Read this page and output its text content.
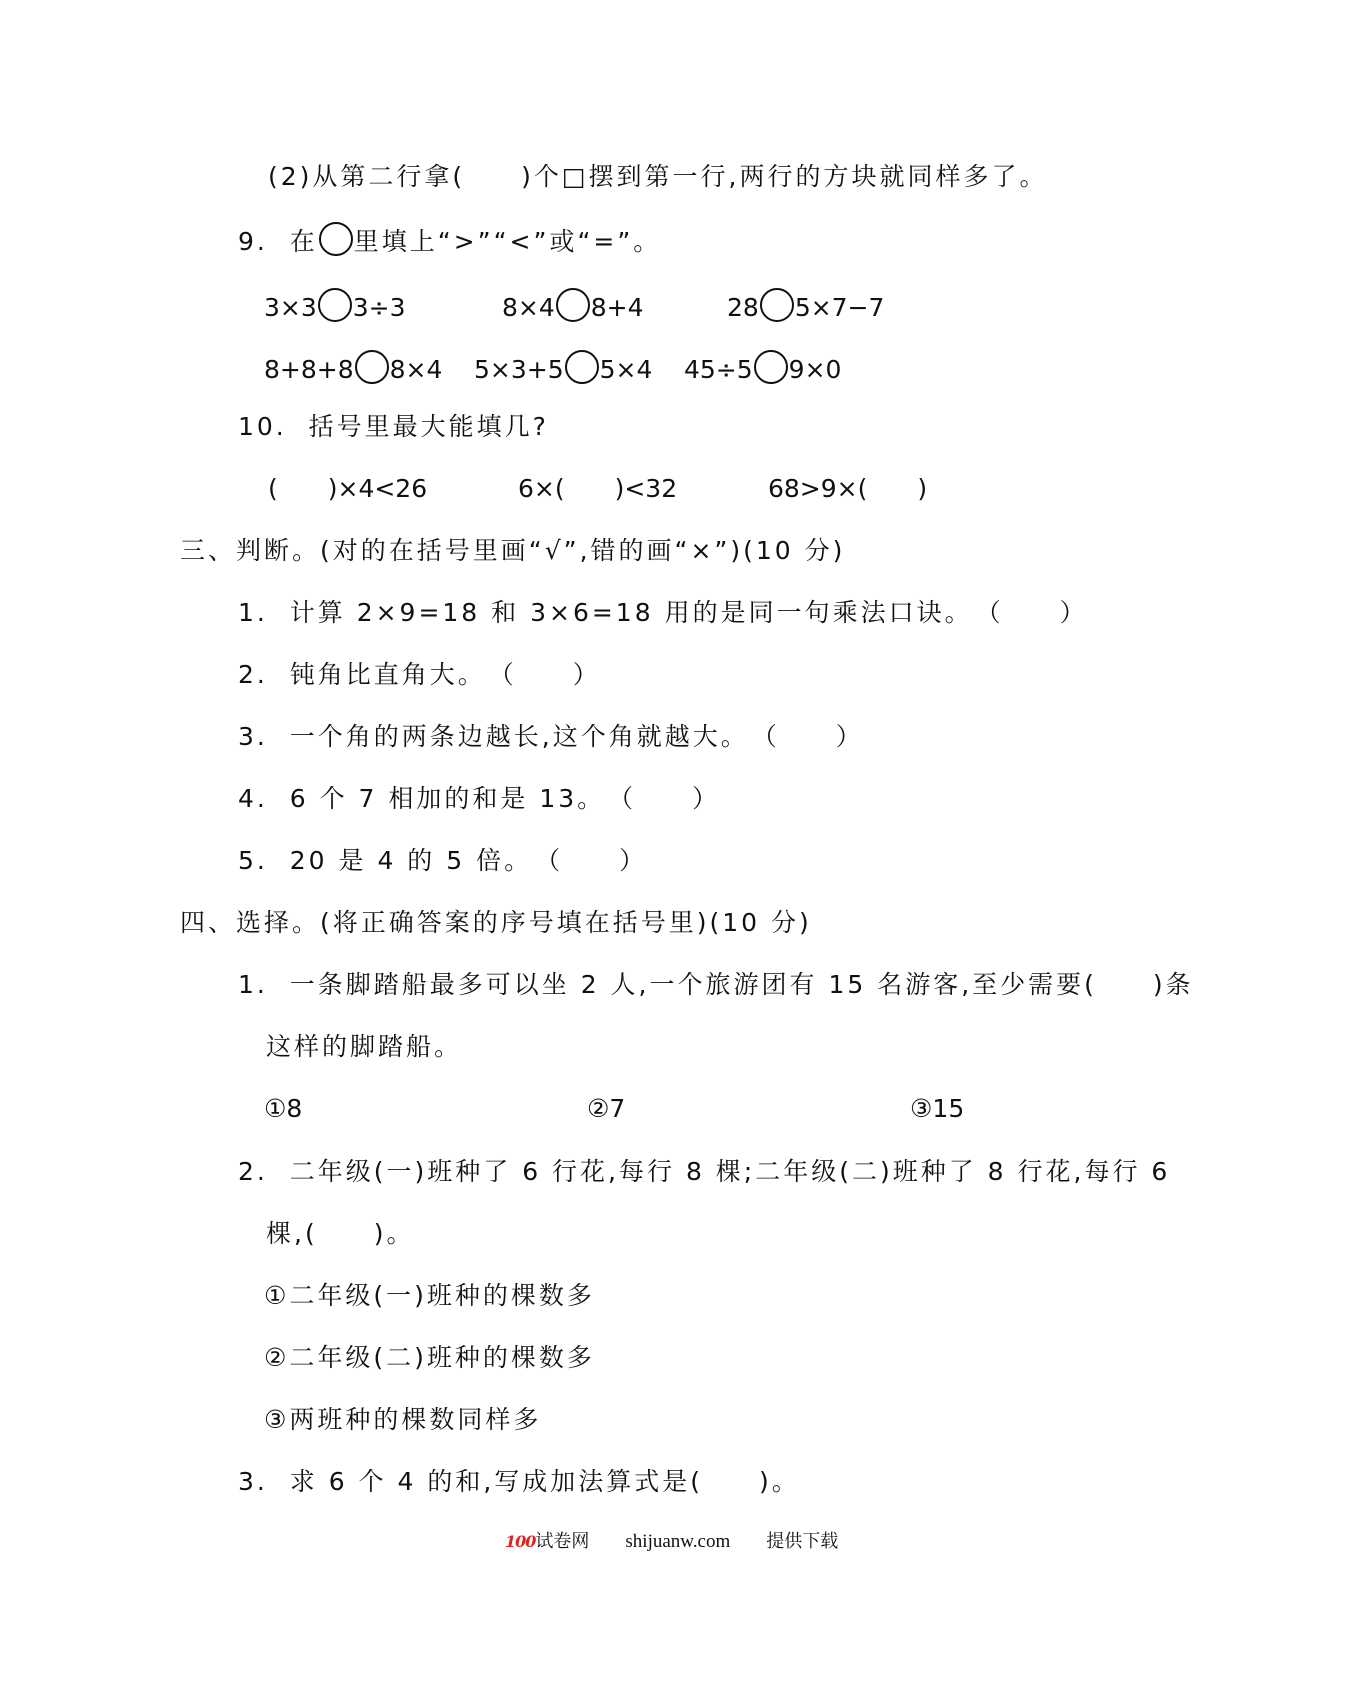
(2)从第二行拿(　　)个□摆到第一行,两行的方块就同样多了。
9.  在 里填上“>”“<”或“=”。
3×3 3÷3	8×4 8+4	28 5×7−7
8+8+8 8×4 5×3+5 5×4 45÷5 9×0
10.  括号里最大能填几?
(　　)×4<26	6×(　　)<32	68>9×(　　)
三、判断。(对的在括号里画“√”,错的画“×”)(10 分)
1.  计算 2×9=18 和 3×6=18 用的是同一句乘法口诀。　（　　）
2.  钝角比直角大。　（　　）
3.  一个角的两条边越长,这个角就越大。　（　　）
4.  6 个 7 相加的和是 13。　（　　）
5.  20 是 4 的 5 倍。　（　　）
四、选择。(将正确答案的序号填在括号里)(10 分)
1.  一条脚踏船最多可以坐 2 人,一个旅游团有 15 名游客,至少需要(　　)条
这样的脚踏船。
①8	②7	③15
2.  二年级(一)班种了 6 行花,每行 8 棵;二年级(二)班种了 8 行花,每行 6
棵,(　　)。
①二年级(一)班种的棵数多
②二年级(二)班种的棵数多
③两班种的棵数同样多
3.  求 6 个 4 的和,写成加法算式是(　　)。
100试卷网 shijuanw.com 提供下载
